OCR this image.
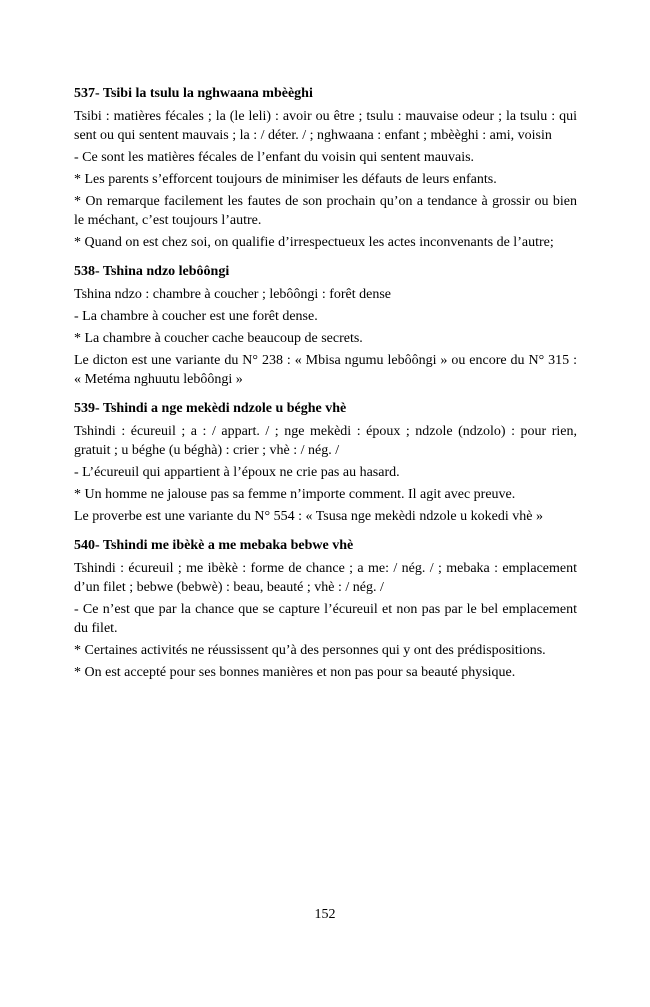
537- Tsibi la tsulu la nghwaana mbèèghi
Tsibi : matières fécales ; la (le leli) : avoir ou être ; tsulu : mauvaise odeur ; la tsulu : qui sent ou qui sentent mauvais ; la : / déter. / ; nghwaana : enfant ; mbèèghi : ami, voisin
- Ce sont les matières fécales de l’enfant du voisin qui sentent mauvais.
* Les parents s’efforcent toujours de minimiser les défauts de leurs enfants.
* On remarque facilement les fautes de son prochain qu’on a tendance à grossir ou bien le méchant, c’est toujours l’autre.
* Quand on est chez soi, on qualifie d’irrespectueux les actes inconvenants de l’autre;
538- Tshina ndzo lebôôngi
Tshina ndzo : chambre à coucher ; lebôôngi : forêt dense
- La chambre à coucher est une forêt dense.
* La chambre à coucher cache beaucoup de secrets.
Le dicton est une variante du N° 238 : « Mbisa ngumu lebôôngi » ou encore du N° 315 : « Metéma nghuutu lebôôngi »
539- Tshindi a nge mekèdi ndzole u béghe vhè
Tshindi : écureuil ; a : / appart. / ; nge mekèdi : époux ; ndzole (ndzolo) : pour rien, gratuit ; u béghe (u béghà) : crier ; vhè : / nég. /
- L’écureuil qui appartient à l’époux ne crie pas au hasard.
* Un homme ne jalouse pas sa femme n’importe comment. Il agit avec preuve.
Le proverbe est une variante du N° 554 : « Tsusa nge mekèdi ndzole u kokedi vhè »
540- Tshindi me ibèkè a me mebaka bebwe vhè
Tshindi : écureuil ; me ibèkè : forme de chance ; a me: / nég. / ; mebaka : emplacement d’un filet ; bebwe (bebwè) : beau, beauté ; vhè : / nég. /
- Ce n’est que par la chance que se capture l’écureuil et non pas par le bel emplacement du filet.
* Certaines activités ne réussissent qu’à des personnes qui y ont des prédispositions.
* On est accepté pour ses bonnes manières et non pas pour sa beauté physique.
152
